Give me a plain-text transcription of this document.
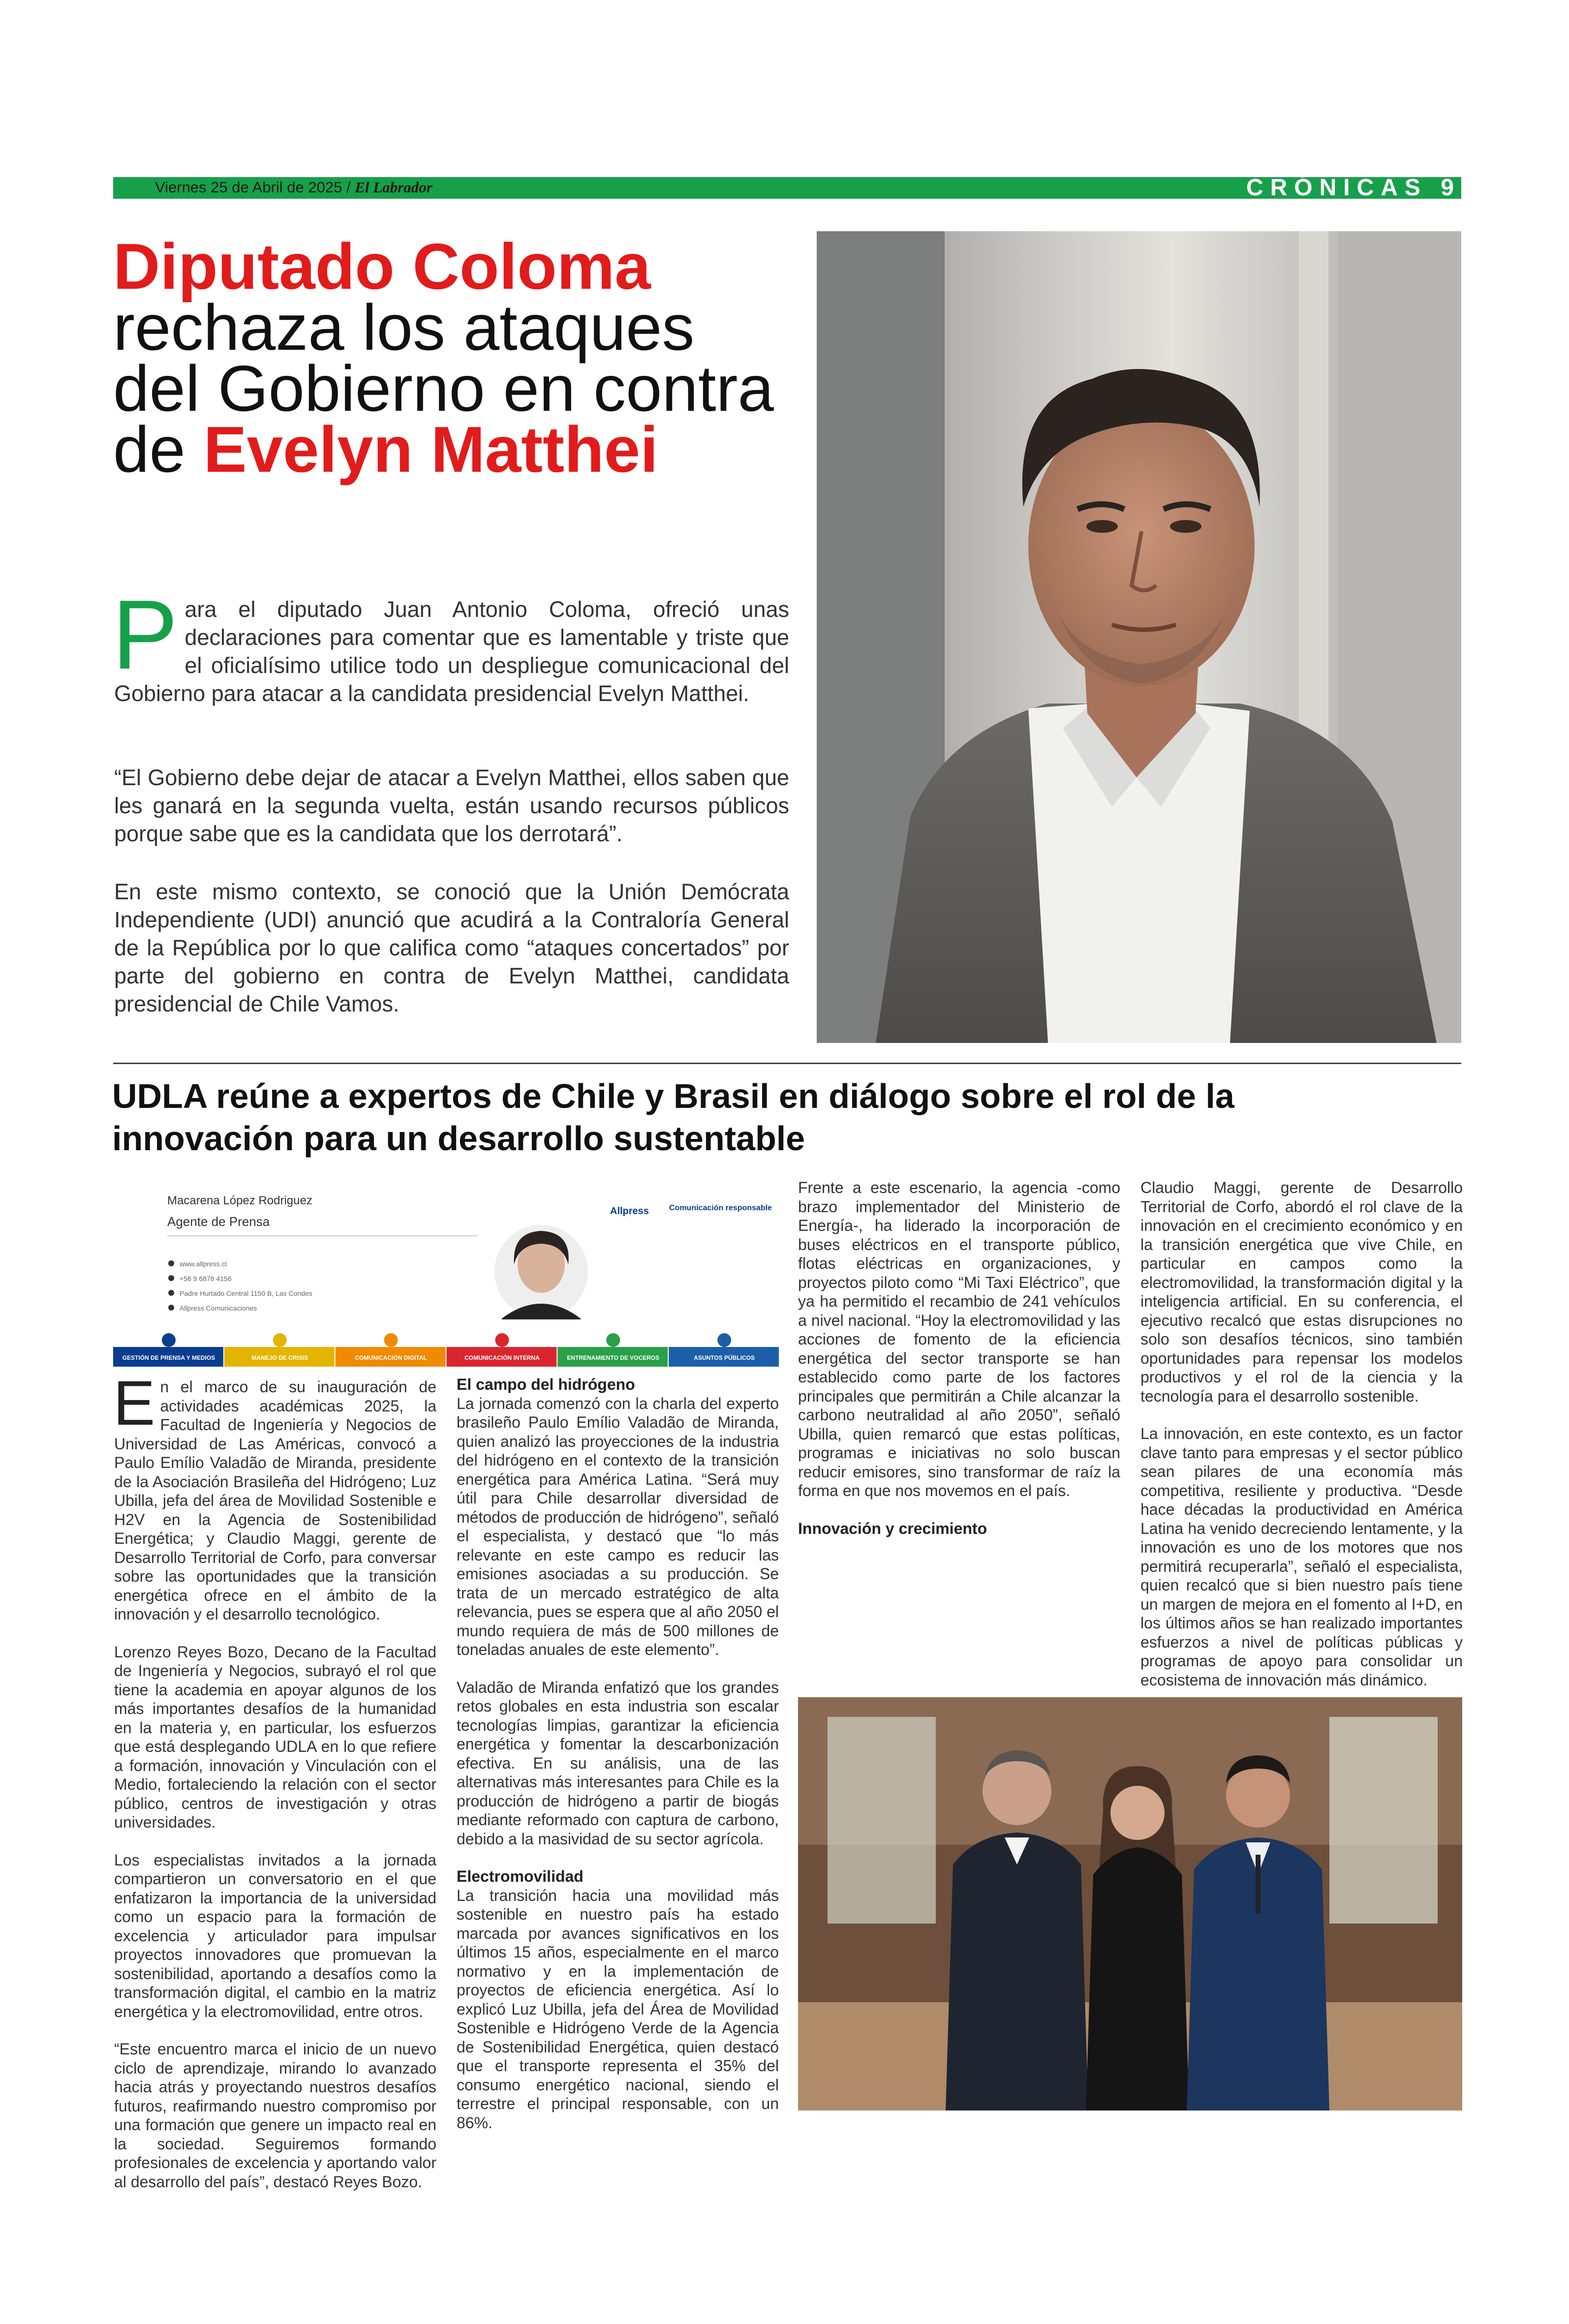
Viernes 25 de Abril de 2025 / El Labrador	CRÓNICAS 9
Diputado Coloma rechaza los ataques del Gobierno en contra de Evelyn Matthei

Para el diputado Juan Antonio Coloma, ofreció unas declaraciones para comentar que es lamentable y triste que el oficialísimo utilice todo un despliegue comunicacional del Gobierno para atacar a la candidata presidencial Evelyn Matthei.

“El Gobierno debe dejar de atacar a Evelyn Matthei, ellos saben que les ganará en la segunda vuelta, están usando recursos públicos porque sabe que es la candidata que los derrotará”.

En este mismo contexto, se conoció que la Unión Demócrata Independiente (UDI) anunció que acudirá a la Contraloría General de la República por lo que califica como “ataques concertados” por parte del gobierno en contra de Evelyn Matthei, candidata presidencial de Chile Vamos.

UDLA reúne a expertos de Chile y Brasil en diálogo sobre el rol de la innovación para un desarrollo sustentable
Macarena López Rodriguez
Agente de Prensa
www.allpress.cl
+56 9 6878 4156
Padre Hurtado Central 1150 B, Las Condes
Allpress Comunicaciones
Allpress	Comunicación responsable
GESTIÓN DE PRENSA Y MEDIOS	MANEJO DE CRISIS	COMUNICACIÓN DIGITAL	COMUNICACIÓN INTERNA	ENTRENAMIENTO DE VOCEROS	ASUNTOS PÚBLICOS

En el marco de su inauguración de actividades académicas 2025, la Facultad de Ingeniería y Negocios de Universidad de Las Américas, convocó a Paulo Emílio Valadão de Miranda, presidente de la Asociación Brasileña del Hidrógeno; Luz Ubilla, jefa del área de Movilidad Sostenible e H2V en la Agencia de Sostenibilidad Energética; y Claudio Maggi, gerente de Desarrollo Territorial de Corfo, para conversar sobre las oportunidades que la transición energética ofrece en el ámbito de la innovación y el desarrollo tecnológico.

Lorenzo Reyes Bozo, Decano de la Facultad de Ingeniería y Negocios, subrayó el rol que tiene la academia en apoyar algunos de los más importantes desafíos de la humanidad en la materia y, en particular, los esfuerzos que está desplegando UDLA en lo que refiere a formación, innovación y Vinculación con el Medio, fortaleciendo la relación con el sector público, centros de investigación y otras universidades.

Los especialistas invitados a la jornada compartieron un conversatorio en el que enfatizaron la importancia de la universidad como un espacio para la formación de excelencia y articulador para impulsar proyectos innovadores que promuevan la sostenibilidad, aportando a desafíos como la transformación digital, el cambio en la matriz energética y la electromovilidad, entre otros.

“Este encuentro marca el inicio de un nuevo ciclo de aprendizaje, mirando lo avanzado hacia atrás y proyectando nuestros desafíos futuros, reafirmando nuestro compromiso por una formación que genere un impacto real en la sociedad. Seguiremos formando profesionales de excelencia y aportando valor al desarrollo del país”, destacó Reyes Bozo.

El campo del hidrógeno

La jornada comenzó con la charla del experto brasileño Paulo Emílio Valadão de Miranda, quien analizó las proyecciones de la industria del hidrógeno en el contexto de la transición energética para América Latina. “Será muy útil para Chile desarrollar diversidad de métodos de producción de hidrógeno”, señaló el especialista, y destacó que “lo más relevante en este campo es reducir las emisiones asociadas a su producción. Se trata de un mercado estratégico de alta relevancia, pues se espera que al año 2050 el mundo requiera de más de 500 millones de toneladas anuales de este elemento”.

Valadão de Miranda enfatizó que los grandes retos globales en esta industria son escalar tecnologías limpias, garantizar la eficiencia energética y fomentar la descarbonización efectiva. En su análisis, una de las alternativas más interesantes para Chile es la producción de hidrógeno a partir de biogás mediante reformado con captura de carbono, debido a la masividad de su sector agrícola.

Electromovilidad

La transición hacia una movilidad más sostenible en nuestro país ha estado marcada por avances significativos en los últimos 15 años, especialmente en el marco normativo y en la implementación de proyectos de eficiencia energética. Así lo explicó Luz Ubilla, jefa del Área de Movilidad Sostenible e Hidrógeno Verde de la Agencia de Sostenibilidad Energética, quien destacó que el transporte representa el 35% del consumo energético nacional, siendo el terrestre el principal responsable, con un 86%.

Frente a este escenario, la agencia -como brazo implementador del Ministerio de Energía-, ha liderado la incorporación de buses eléctricos en el transporte público, flotas eléctricas en organizaciones, y proyectos piloto como “Mi Taxi Eléctrico”, que ya ha permitido el recambio de 241 vehículos a nivel nacional. “Hoy la electromovilidad y las acciones de fomento de la eficiencia energética del sector transporte se han establecido como parte de los factores principales que permitirán a Chile alcanzar la carbono neutralidad al año 2050”, señaló Ubilla, quien remarcó que estas políticas, programas e iniciativas no solo buscan reducir emisores, sino transformar de raíz la forma en que nos movemos en el país.

Innovación y crecimiento

Claudio Maggi, gerente de Desarrollo Territorial de Corfo, abordó el rol clave de la innovación en el crecimiento económico y en la transición energética que vive Chile, en particular en campos como la electromovilidad, la transformación digital y la inteligencia artificial. En su conferencia, el ejecutivo recalcó que estas disrupciones no solo son desafíos técnicos, sino también oportunidades para repensar los modelos productivos y el rol de la ciencia y la tecnología para el desarrollo sostenible.

La innovación, en este contexto, es un factor clave tanto para empresas y el sector público sean pilares de una economía más competitiva, resiliente y productiva. “Desde hace décadas la productividad en América Latina ha venido decreciendo lentamente, y la innovación es uno de los motores que nos permitirá recuperarla”, señaló el especialista, quien recalcó que si bien nuestro país tiene un margen de mejora en el fomento al I+D, en los últimos años se han realizado importantes esfuerzos a nivel de políticas públicas y programas de apoyo para consolidar un ecosistema de innovación más dinámico.
